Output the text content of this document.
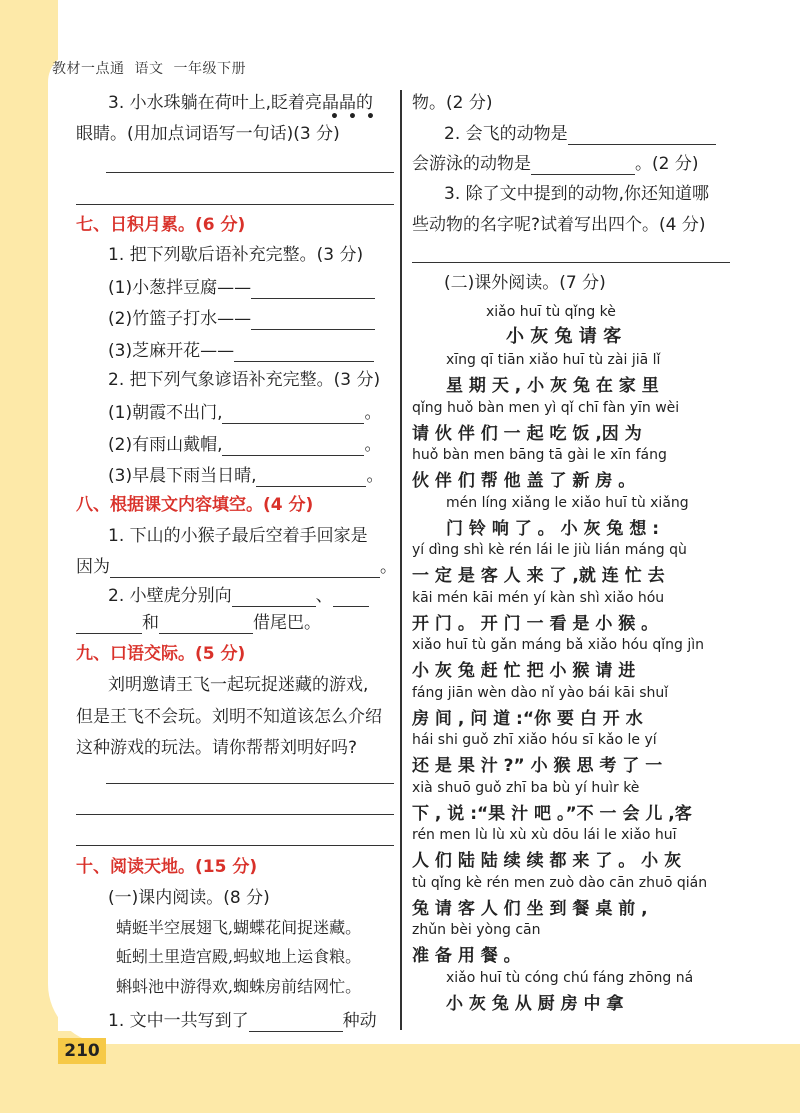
教材一点通 语文 一年级下册
3. 小水珠躺在荷叶上,眨着亮晶晶的
• • •
眼睛。(用加点词语写一句话)(3 分)
七、日积月累。(6 分)
1. 把下列歇后语补充完整。(3 分)
(1)小葱拌豆腐——
(2)竹篮子打水——
(3)芝麻开花——
2. 把下列气象谚语补充完整。(3 分)
(1)朝霞不出门,	。
(2)有雨山戴帽,	。
(3)早晨下雨当日晴,	。
八、根据课文内容填空。(4 分)
1. 下山的小猴子最后空着手回家是
因为	。
2. 小壁虎分别向	、
和	借尾巴。
九、口语交际。(5 分)
刘明邀请王飞一起玩捉迷藏的游戏,
但是王飞不会玩。刘明不知道该怎么介绍
这种游戏的玩法。请你帮帮刘明好吗?
十、阅读天地。(15 分)
(一)课内阅读。(8 分)
蜻蜓半空展翅飞,蝴蝶花间捉迷藏。
蚯蚓土里造宫殿,蚂蚁地上运食粮。
蝌蚪池中游得欢,蜘蛛房前结网忙。
1. 文中一共写到了	种动
210
物。(2 分)
2. 会飞的动物是
会游泳的动物是	。(2 分)
3. 除了文中提到的动物,你还知道哪
些动物的名字呢?试着写出四个。(4 分)
(二)课外阅读。(7 分)
xiǎo huī tù qǐng kè
小 灰 兔 请 客
xīng qī tiān xiǎo huī tù zài jiā lǐ
星 期 天 , 小 灰 兔 在 家 里
qǐng huǒ bàn men yì qǐ chī fàn yīn wèi
请 伙 伴 们 一 起 吃 饭 ,因 为
huǒ bàn men bāng tā gài le xīn fáng
伙 伴 们 帮 他 盖 了 新 房 。
mén líng xiǎng le xiǎo huī tù xiǎng
门 铃 响 了 。 小 灰 兔 想 :
yí dìng shì kè rén lái le jiù lián máng qù
一 定 是 客 人 来 了 ,就 连 忙 去
kāi mén kāi mén yí kàn shì xiǎo hóu
开 门 。 开 门 一 看 是 小 猴 。
xiǎo huī tù gǎn máng bǎ xiǎo hóu qǐng jìn
小 灰 兔 赶 忙 把 小 猴 请 进
fáng jiān wèn dào nǐ yào bái kāi shuǐ
房 间 , 问 道 :“你 要 白 开 水
hái shi guǒ zhī xiǎo hóu sī kǎo le yí
还 是 果 汁 ?” 小 猴 思 考 了 一
xià shuō guǒ zhī ba bù yí huìr kè
下 , 说 :“果 汁 吧 。”不 一 会 儿 ,客
rén men lù lù xù xù dōu lái le xiǎo huī
人 们 陆 陆 续 续 都 来 了 。 小 灰
tù qǐng kè rén men zuò dào cān zhuō qián
兔 请 客 人 们 坐 到 餐 桌 前 ,
zhǔn bèi yòng cān
准 备 用 餐 。
xiǎo huī tù cóng chú fáng zhōng ná
小 灰 兔 从 厨 房 中 拿
